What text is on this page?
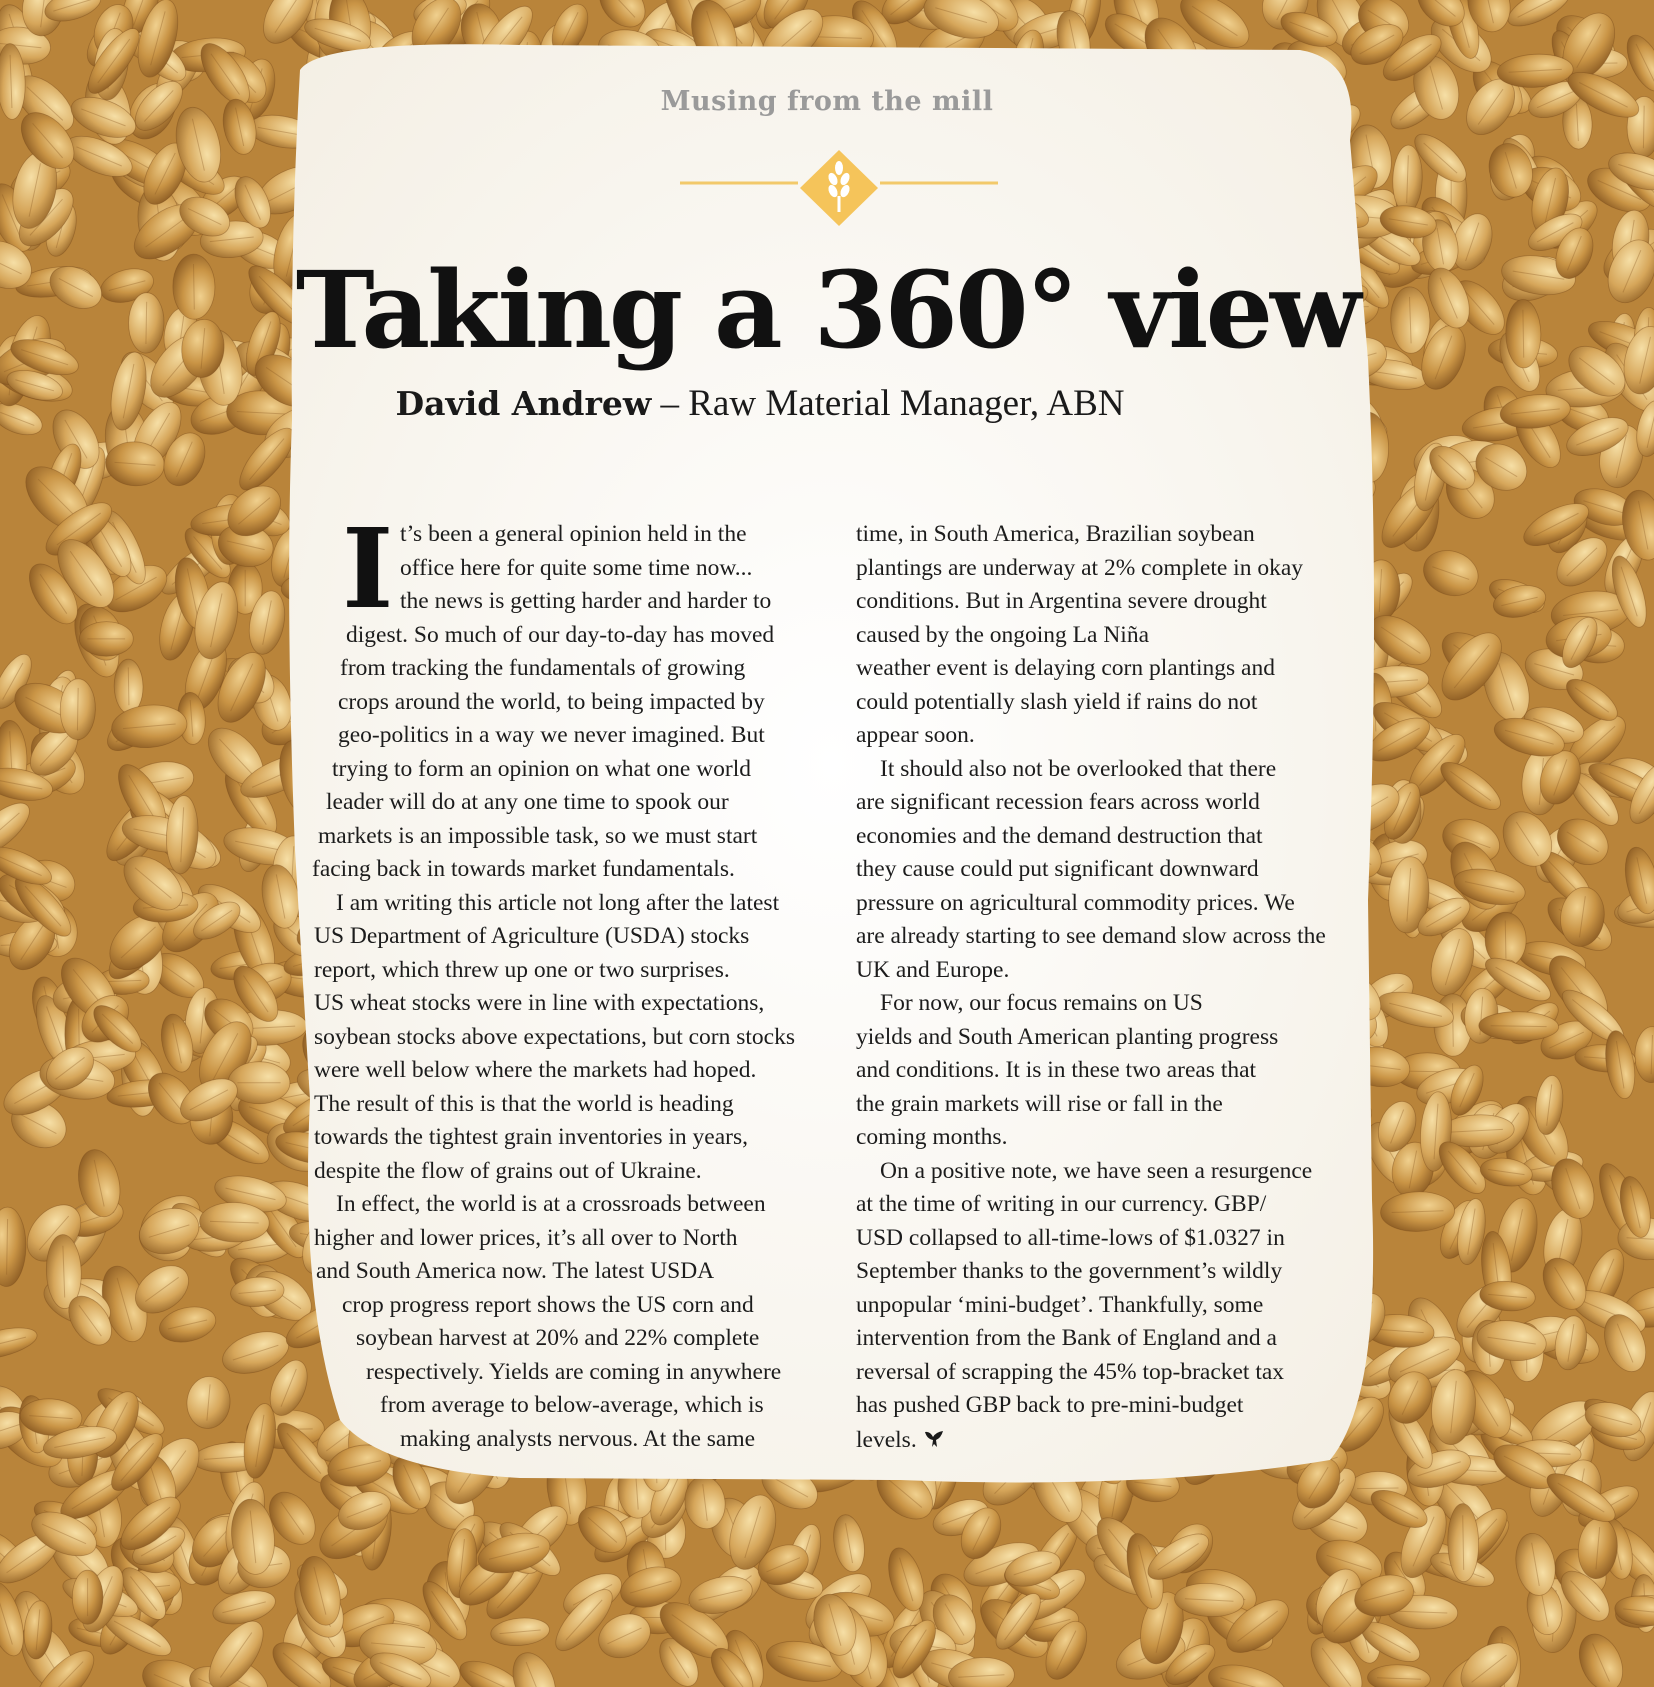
Musing from the mill
Taking a 360° view
David Andrew – Raw Material Manager, ABN
I t’s been a general opinion held in the
office here for quite some time now...
the news is getting harder and harder to
digest. So much of our day-to-day has moved
from tracking the fundamentals of growing
crops around the world, to being impacted by
geo-politics in a way we never imagined. But
trying to form an opinion on what one world
leader will do at any one time to spook our
markets is an impossible task, so we must start
facing back in towards market fundamentals.
I am writing this article not long after the latest
US Department of Agriculture (USDA) stocks
report, which threw up one or two surprises.
US wheat stocks were in line with expectations,
soybean stocks above expectations, but corn stocks
were well below where the markets had hoped.
The result of this is that the world is heading
towards the tightest grain inventories in years,
despite the flow of grains out of Ukraine.
In effect, the world is at a crossroads between
higher and lower prices, it’s all over to North
and South America now. The latest USDA
crop progress report shows the US corn and
soybean harvest at 20% and 22% complete
respectively. Yields are coming in anywhere
from average to below-average, which is
making analysts nervous. At the same
time, in South America, Brazilian soybean
plantings are underway at 2% complete in okay
conditions. But in Argentina severe drought
caused by the ongoing La Niña
weather event is delaying corn plantings and
could potentially slash yield if rains do not
appear soon.
It should also not be overlooked that there
are significant recession fears across world
economies and the demand destruction that
they cause could put significant downward
pressure on agricultural commodity prices. We
are already starting to see demand slow across the
UK and Europe.
For now, our focus remains on US
yields and South American planting progress
and conditions. It is in these two areas that
the grain markets will rise or fall in the
coming months.
On a positive note, we have seen a resurgence
at the time of writing in our currency. GBP/
USD collapsed to all-time-lows of $1.0327 in
September thanks to the government’s wildly
unpopular ‘mini-budget’. Thankfully, some
intervention from the Bank of England and a
reversal of scrapping the 45% top-bracket tax
has pushed GBP back to pre-mini-budget
levels.
